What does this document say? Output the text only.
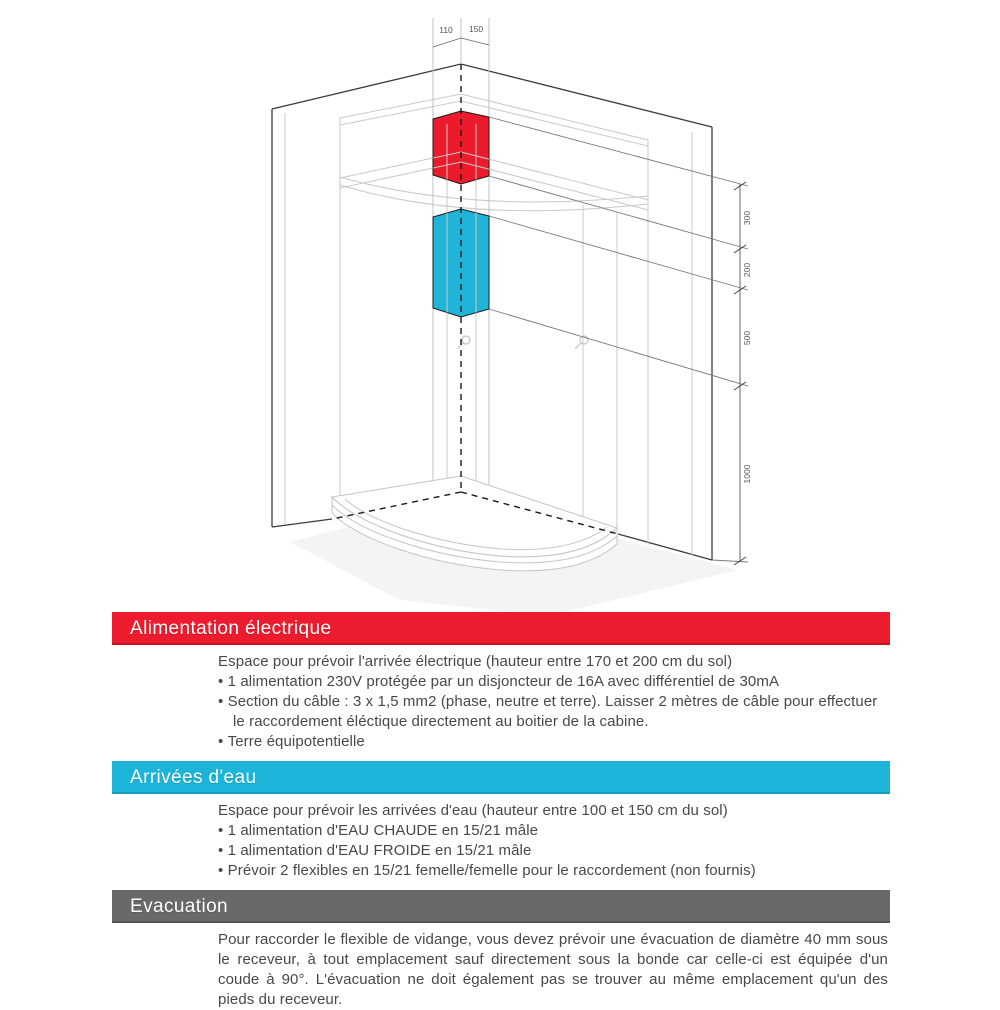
110 150
300
200
500
1000
Alimentation électrique
Espace pour prévoir l'arrivée électrique (hauteur entre 170 et 200 cm du sol)
• 1 alimentation 230V protégée par un disjoncteur de 16A avec différentiel de 30mA
• Section du câble : 3 x 1,5 mm2 (phase, neutre et terre). Laisser 2 mètres de câble pour effectuer le raccordement éléctique directement au boitier de la cabine.
• Terre équipotentielle
Arrivées d'eau
Espace pour prévoir les arrivées d'eau (hauteur entre 100 et 150 cm du sol)
• 1 alimentation d'EAU CHAUDE en 15/21 mâle
• 1 alimentation d'EAU FROIDE en 15/21 mâle
• Prévoir 2 flexibles en 15/21 femelle/femelle pour le raccordement (non fournis)
Evacuation
Pour raccorder le flexible de vidange, vous devez prévoir une évacuation de diamètre 40 mm sous le receveur, à tout emplacement sauf directement sous la bonde car celle-ci est équipée d'un coude à 90°. L'évacuation ne doit également pas se trouver au même emplacement qu'un des pieds du receveur.
